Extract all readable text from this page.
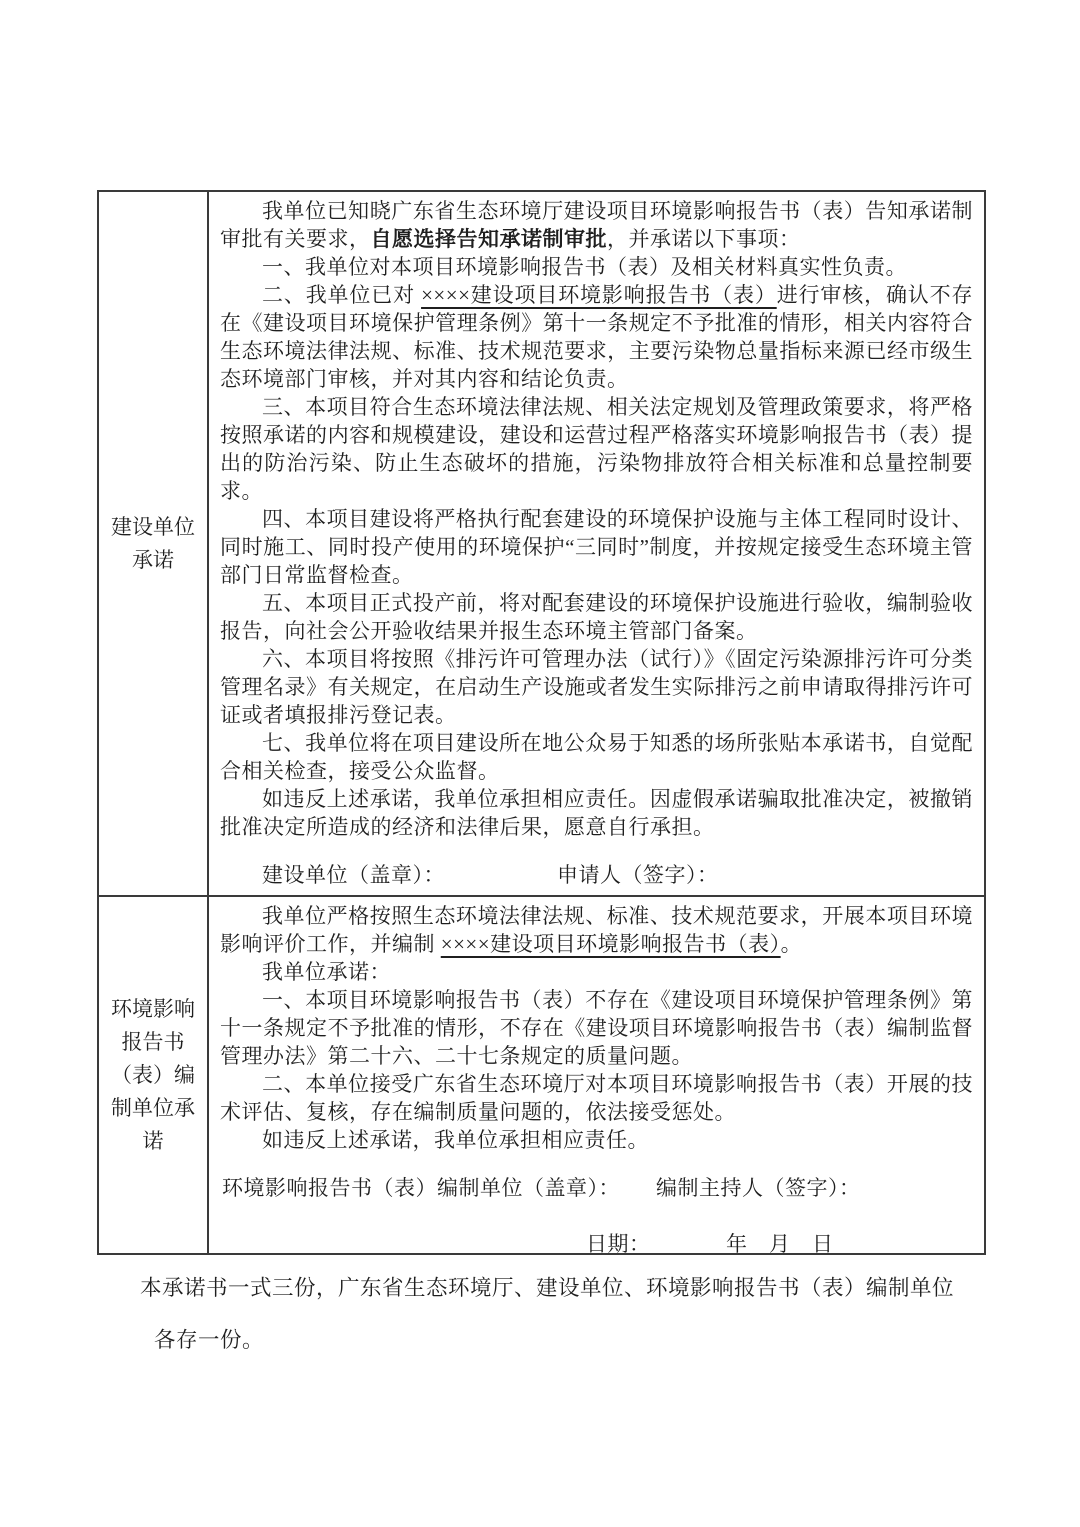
建设单位
承诺

我单位已知晓广东省生态环境厅建设项目环境影响报告书（表）告知承诺制审批有关要求，自愿选择告知承诺制审批，并承诺以下事项：

一、我单位对本项目环境影响报告书（表）及相关材料真实性负责。

二、我单位已对 ××××建设项目环境影响报告书（表）进行审核，确认不存在《建设项目环境保护管理条例》第十一条规定不予批准的情形，相关内容符合生态环境法律法规、标准、技术规范要求，主要污染物总量指标来源已经市级生态环境部门审核，并对其内容和结论负责。

三、本项目符合生态环境法律法规、相关法定规划及管理政策要求，将严格按照承诺的内容和规模建设，建设和运营过程严格落实环境影响报告书（表）提出的防治污染、防止生态破坏的措施，污染物排放符合相关标准和总量控制要求。

四、本项目建设将严格执行配套建设的环境保护设施与主体工程同时设计、同时施工、同时投产使用的环境保护“三同时”制度，并按规定接受生态环境主管部门日常监督检查。

五、本项目正式投产前，将对配套建设的环境保护设施进行验收，编制验收报告，向社会公开验收结果并报生态环境主管部门备案。

六、本项目将按照《排污许可管理办法（试行）》《固定污染源排污许可分类管理名录》有关规定，在启动生产设施或者发生实际排污之前申请取得排污许可证或者填报排污登记表。

七、我单位将在项目建设所在地公众易于知悉的场所张贴本承诺书，自觉配合相关检查，接受公众监督。

如违反上述承诺，我单位承担相应责任。因虚假承诺骗取批准决定，被撤销批准决定所造成的经济和法律后果，愿意自行承担。

建设单位（盖章）：	申请人（签字）：
环境影响
报告书
（表）编
制单位承
诺

我单位严格按照生态环境法律法规、标准、技术规范要求，开展本项目环境影响评价工作，并编制 ××××建设项目环境影响报告书（表）。

我单位承诺：

一、本项目环境影响报告书（表）不存在《建设项目环境保护管理条例》第十一条规定不予批准的情形，不存在《建设项目环境影响报告书（表）编制监督管理办法》第二十六、二十七条规定的质量问题。

二、本单位接受广东省生态环境厅对本项目环境影响报告书（表）开展的技术评估、复核，存在编制质量问题的，依法接受惩处。

如违反上述承诺，我单位承担相应责任。

环境影响报告书（表）编制单位（盖章）： 编制主持人（签字）：
日期：　　　　年　月　日
本承诺书一式三份，广东省生态环境厅、建设单位、环境影响报告书（表）编制单位
各存一份。
